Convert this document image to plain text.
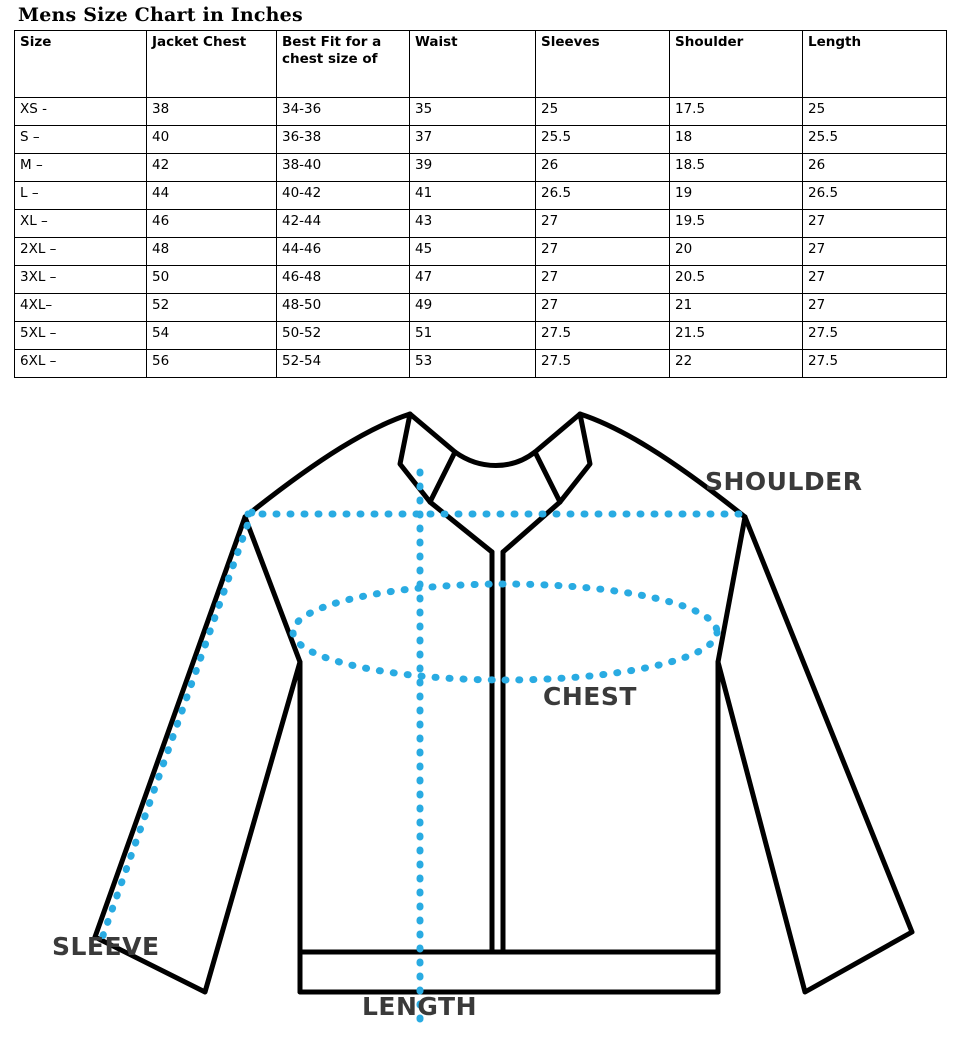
Mens Size Chart in Inches
Size	Jacket Chest	Best Fit for a chest size of	Waist	Sleeves	Shoulder	Length
XS -	38	34-36	35	25	17.5	25
S –	40	36-38	37	25.5	18	25.5
M –	42	38-40	39	26	18.5	26
L –	44	40-42	41	26.5	19	26.5
XL –	46	42-44	43	27	19.5	27
2XL –	48	44-46	45	27	20	27
3XL –	50	46-48	47	27	20.5	27
4XL–	52	48-50	49	27	21	27
5XL –	54	50-52	51	27.5	21.5	27.5
6XL –	56	52-54	53	27.5	22	27.5
SHOULDER
CHEST
SLEEVE
LENGTH
